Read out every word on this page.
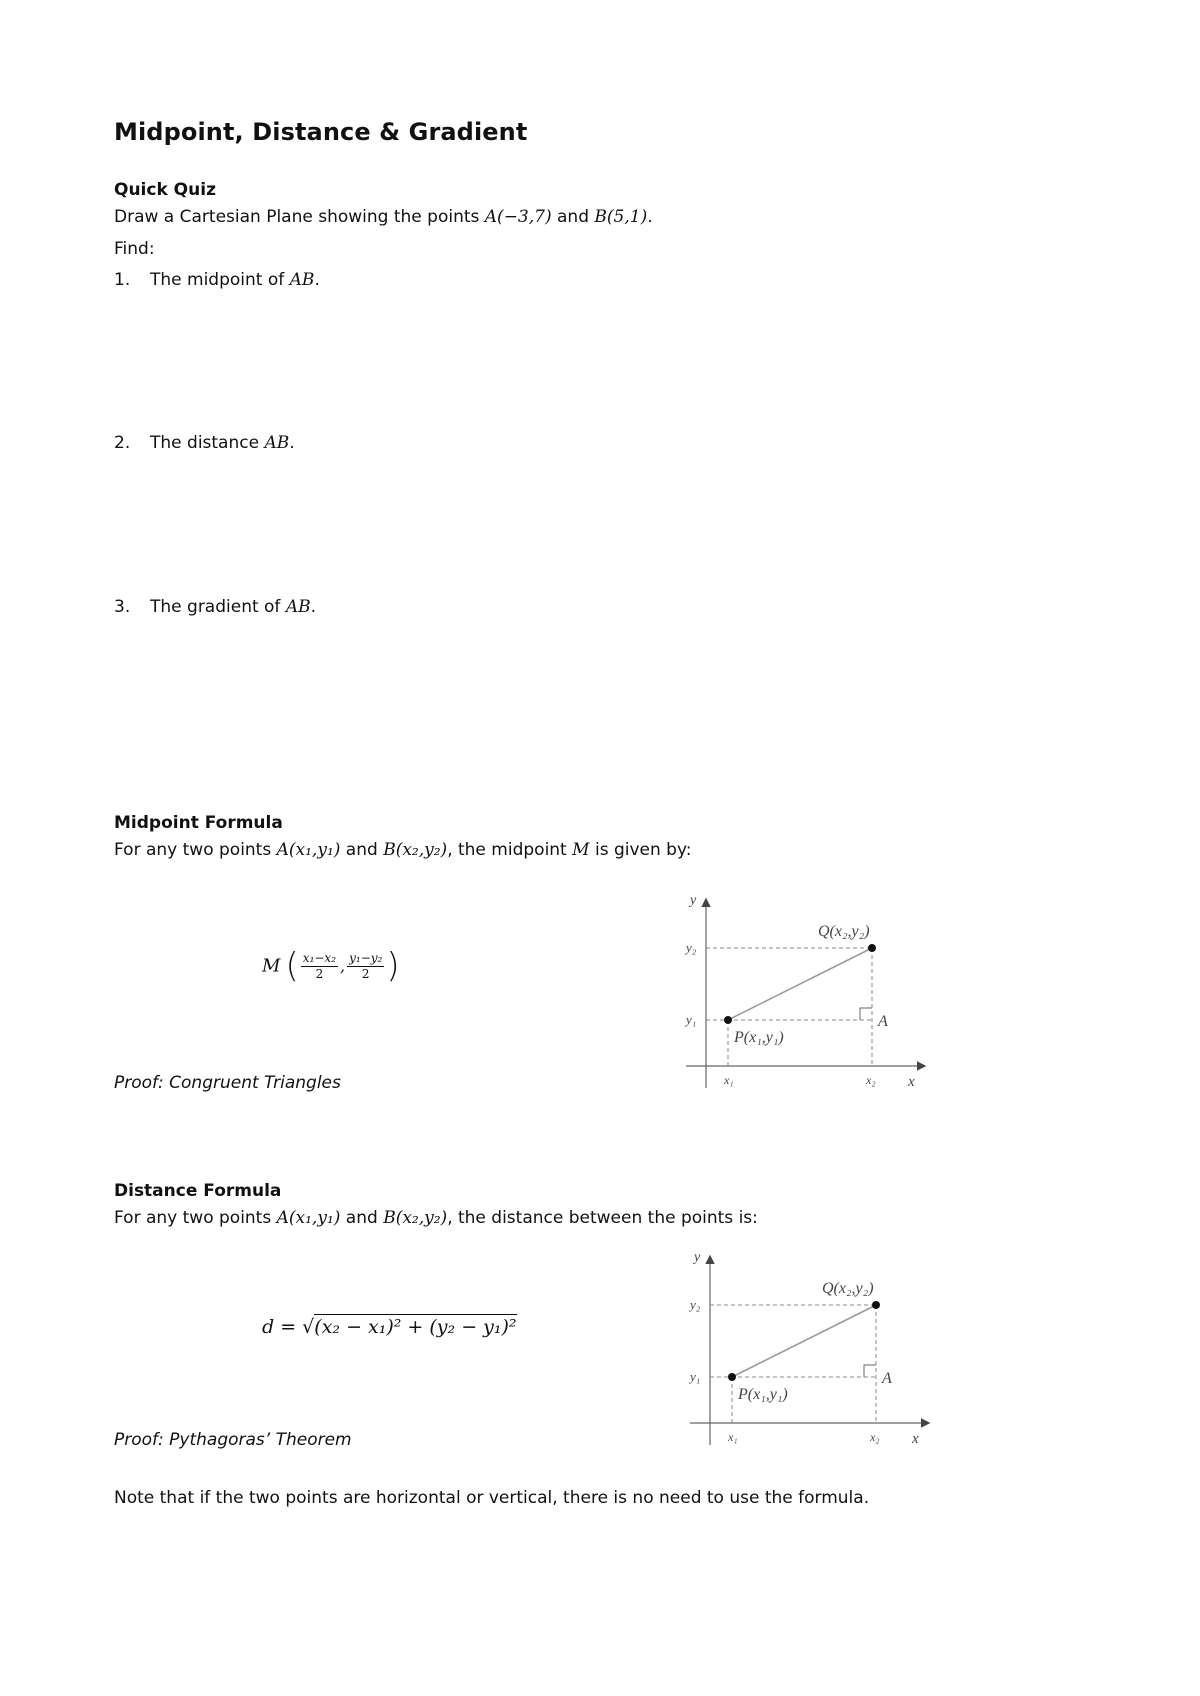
Midpoint, Distance & Gradient
Quick Quiz
Draw a Cartesian Plane showing the points A(−3,7) and B(5,1).
Find:
1. The midpoint of AB.
2. The distance AB.
3. The gradient of AB.
Midpoint Formula
For any two points A(x₁,y₁) and B(x₂,y₂), the midpoint M is given by:
M ( $\frac{\text{x₁−x₂}}{2}$ , $\frac{\text{y₁−y₂}}{2}$ )
Proof: Congruent Triangles
y
x
y₂
y₁
x₁	x₂
Q(x₂,y₂)
P(x₁,y₁)
A
Distance Formula
For any two points A(x₁,y₁) and B(x₂,y₂), the distance between the points is:
d = √(x₂ − x₁)² + (y₂ − y₁)²
Proof: Pythagoras’ Theorem
y
x
y₂
y₁
x₁	x₂
Q(x₂,y₂)
P(x₁,y₁)
A
Note that if the two points are horizontal or vertical, there is no need to use the formula.
